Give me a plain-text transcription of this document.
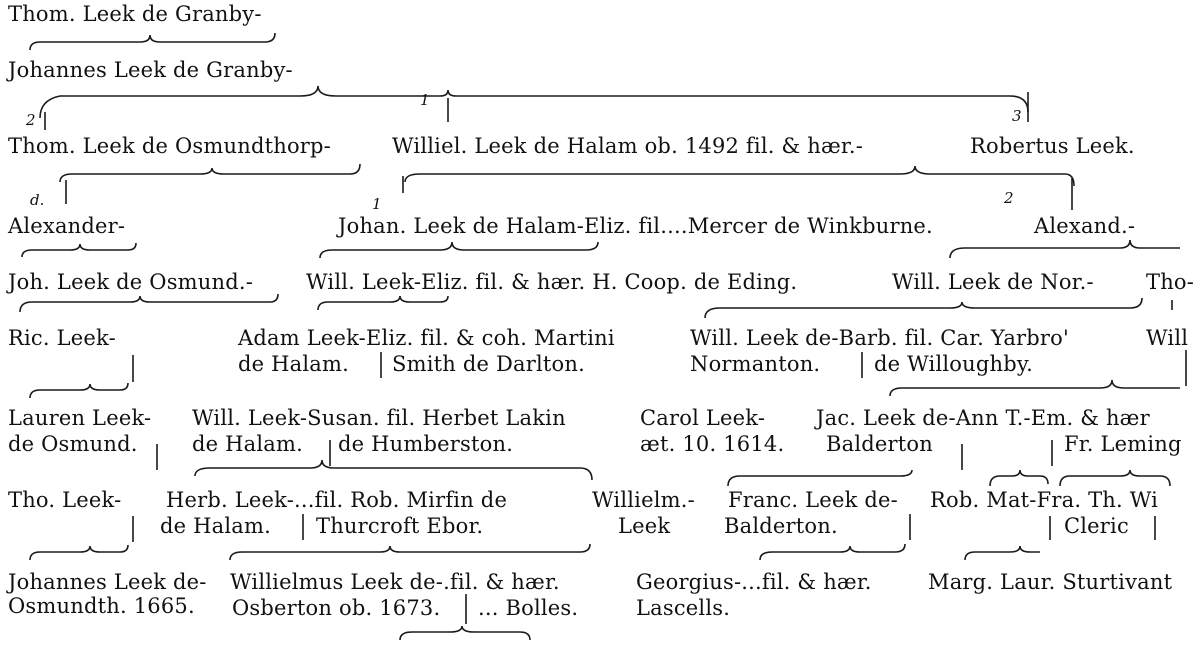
Thom. Leek de Granby-
Johannes Leek de Granby-
2
1
3
Thom. Leek de Osmundthorp-	Williel. Leek de Halam ob. 1492 fil. & hær.-	Robertus Leek.
d.	1	2
Alexander-	Johan. Leek de Halam-Eliz. fil....Mercer de Winkburne.	Alexand.-
Joh. Leek de Osmund.-	Will. Leek-Eliz. fil. & hær. H. Coop. de Eding.	Will. Leek de Nor.- Tho-
Ric. Leek-	Adam Leek-Eliz. fil. & coh. Martini
de Halam. Smith de Darlton.
Will. Leek de-Barb. fil. Car. Yarbro'
Normanton.	de Willoughby.
Will
Lauren Leek-
de Osmund.
Will. Leek-Susan. fil. Herbet Lakin
de Halam. de Humberston.
Carol Leek-
æt. 10. 1614.
Jac. Leek de-Ann T.-Em. & hær
Balderton	Fr. Leming
Tho. Leek- Herb. Leek-...fil. Rob. Mirfin de
de Halam. Thurcroft Ebor.
Willielm.-
Leek
Franc. Leek de-
Balderton.
Rob. Mat-Fra. Th. Wi
Cleric
Johannes Leek de-
Osmundth. 1665.
Willielmus Leek de-.fil. & hær.
Osberton ob. 1673. ... Bolles.
Georgius-...fil. & hær.
Lascells.
Marg. Laur. Sturtivant
